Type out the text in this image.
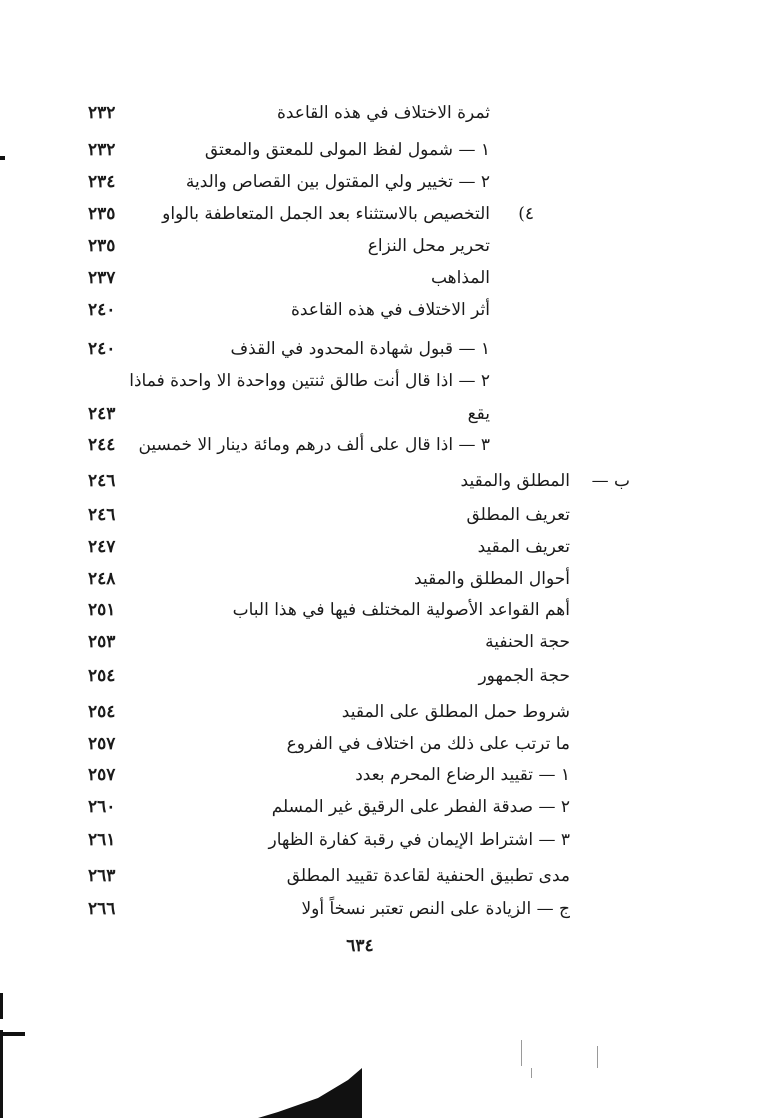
ثمرة الاختلاف في هذه القاعدة
٢٣٢
١ — شمول لفظ المولى للمعتق والمعتق
٢٣٢
٢ — تخيير ولي المقتول بين القصاص والدية
٢٣٤
٤)
التخصيص بالاستثناء بعد الجمل المتعاطفة بالواو
٢٣٥
تحرير محل النزاع
٢٣٥
المذاهب
٢٣٧
أثر الاختلاف في هذه القاعدة
٢٤٠
١ — قبول شهادة المحدود في القذف
٢٤٠
٢ — اذا قال أنت طالق ثنتين وواحدة الا واحدة فماذا
يقع
٢٤٣
٣ — اذا قال على ألف درهم ومائة دينار الا خمسين
٢٤٤
ب —
المطلق والمقيد
٢٤٦
تعريف المطلق
٢٤٦
تعريف المقيد
٢٤٧
أحوال المطلق والمقيد
٢٤٨
أهم القواعد الأصولية المختلف فيها في هذا الباب
٢٥١
حجة الحنفية
٢٥٣
حجة الجمهور
٢٥٤
شروط حمل المطلق على المقيد
٢٥٤
ما ترتب على ذلك من اختلاف في الفروع
٢٥٧
١ — تقييد الرضاع المحرم بعدد
٢٥٧
٢ — صدقة الفطر على الرقيق غير المسلم
٢٦٠
٣ — اشتراط الإيمان في رقبة كفارة الظهار
٢٦١
مدى تطبيق الحنفية لقاعدة تقييد المطلق
٢٦٣
ج — الزيادة على النص تعتبر نسخاً أولا
٢٦٦
٦٣٤
